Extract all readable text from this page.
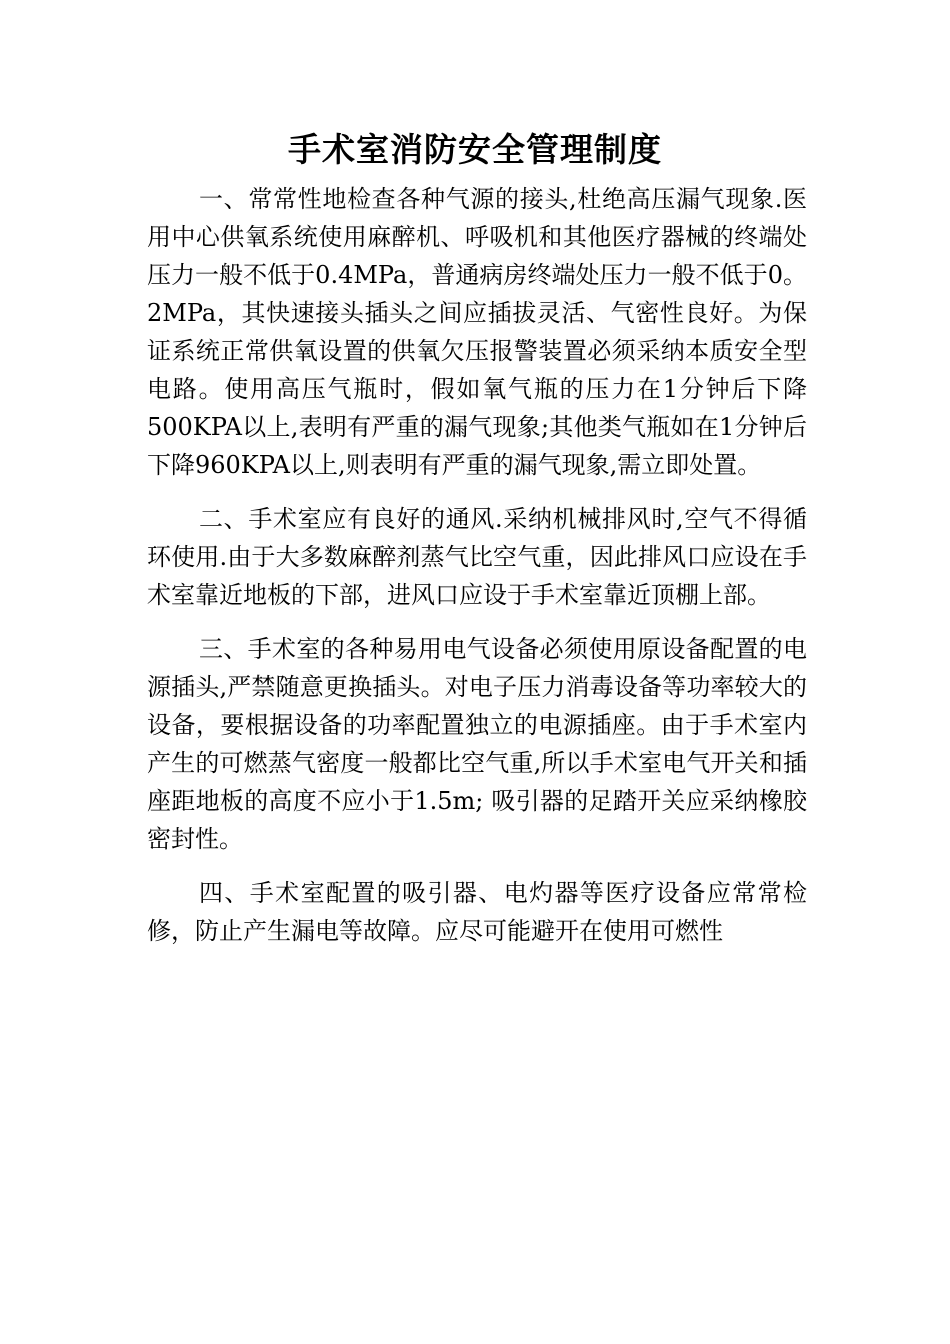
手术室消防安全管理制度

一、常常性地检查各种气源的接头,杜绝高压漏气现象.医用中心供氧系统使用麻醉机、呼吸机和其他医疗器械的终端处压力一般不低于0.4MPa，普通病房终端处压力一般不低于0。2MPa，其快速接头插头之间应插拔灵活、气密性良好。为保证系统正常供氧设置的供氧欠压报警装置必须采纳本质安全型电路。使用高压气瓶时，假如氧气瓶的压力在1分钟后下降500KPA以上,表明有严重的漏气现象;其他类气瓶如在1分钟后下降960KPA以上,则表明有严重的漏气现象,需立即处置。

二、手术室应有良好的通风.采纳机械排风时,空气不得循环使用.由于大多数麻醉剂蒸气比空气重，因此排风口应设在手术室靠近地板的下部，进风口应设于手术室靠近顶棚上部。

三、手术室的各种易用电气设备必须使用原设备配置的电源插头,严禁随意更换插头。对电子压力消毒设备等功率较大的设备，要根据设备的功率配置独立的电源插座。由于手术室内产生的可燃蒸气密度一般都比空气重,所以手术室电气开关和插座距地板的高度不应小于1.5m; 吸引器的足踏开关应采纳橡胶密封性。

四、手术室配置的吸引器、电灼器等医疗设备应常常检修，防止产生漏电等故障。应尽可能避开在使用可燃性
